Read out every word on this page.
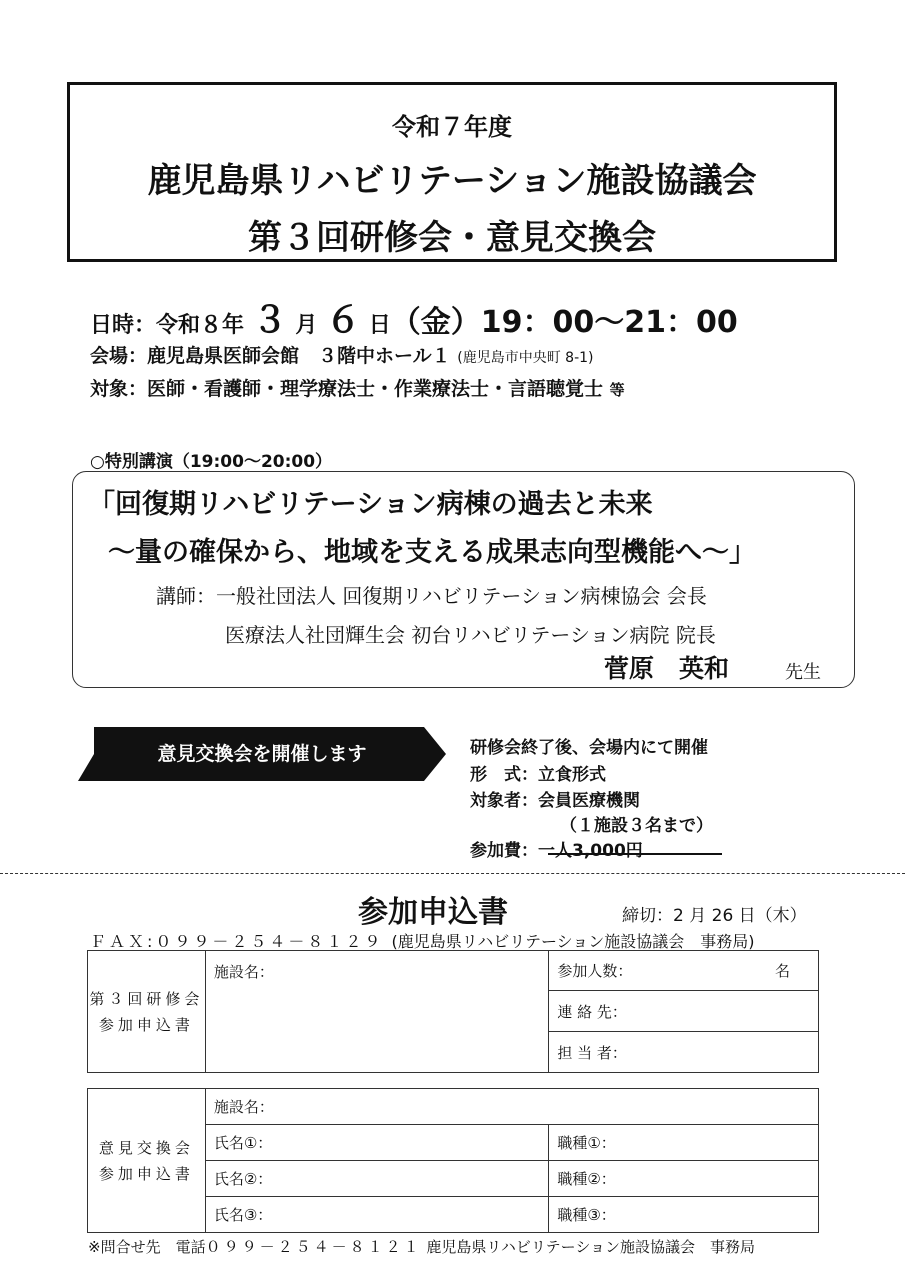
令和７年度
鹿児島県リハビリテーション施設協議会
第３回研修会・意見交換会
日時：令和８年 ３ 月 ６ 日（金）19：00～21：00
会場：鹿児島県医師会館　３階中ホール１ (鹿児島市中央町 8-1)
対象：医師・看護師・理学療法士・作業療法士・言語聴覚士 等
○特別講演（19:00～20:00）
「回復期リハビリテーション病棟の過去と未来
～量の確保から、地域を支える成果志向型機能へ～」
講師：一般社団法人 回復期リハビリテーション病棟協会 会長
医療法人社団輝生会 初台リハビリテーション病院 院長
菅原　英和	先生
意見交換会を開催します	研修会終了後、会場内にて開催
形　式：立食形式
対象者：会員医療機関
（１施設３名まで）
参加費：一人3,000円
参加申込書	締切：2 月 26 日（木）
ＦＡＸ:０９９－２５４－８１２９ (鹿児島県リハビリテーション施設協議会　事務局)
第３回研修会
参加申込書
	施設名：	参加人数：	名

連 絡 先：
担 当 者：
意見交換会
参加申込書	施設名：	
	氏名①：	職種①：
	氏名②：	職種②：
	氏名③：	職種③：
※問合せ先　電話０９９－２５４－８１２１ 鹿児島県リハビリテーション施設協議会　事務局
